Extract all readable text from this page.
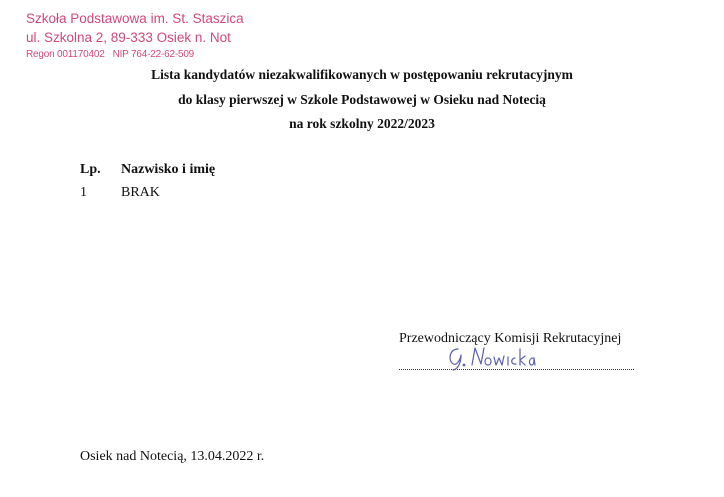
Szkoła Podstawowa im. St. Staszica
ul. Szkolna 2, 89-333 Osiek n. Not
Regon 001170402 NIP 764-22-62-509
Lista kandydatów niezakwalifikowanych w postępowaniu rekrutacyjnym
do klasy pierwszej w Szkole Podstawowej w Osieku nad Notecią
na rok szkolny 2022/2023
Lp.	Nazwisko i imię
1	BRAK
Przewodniczący Komisji Rekrutacyjnej
Osiek nad Notecią, 13.04.2022 r.
